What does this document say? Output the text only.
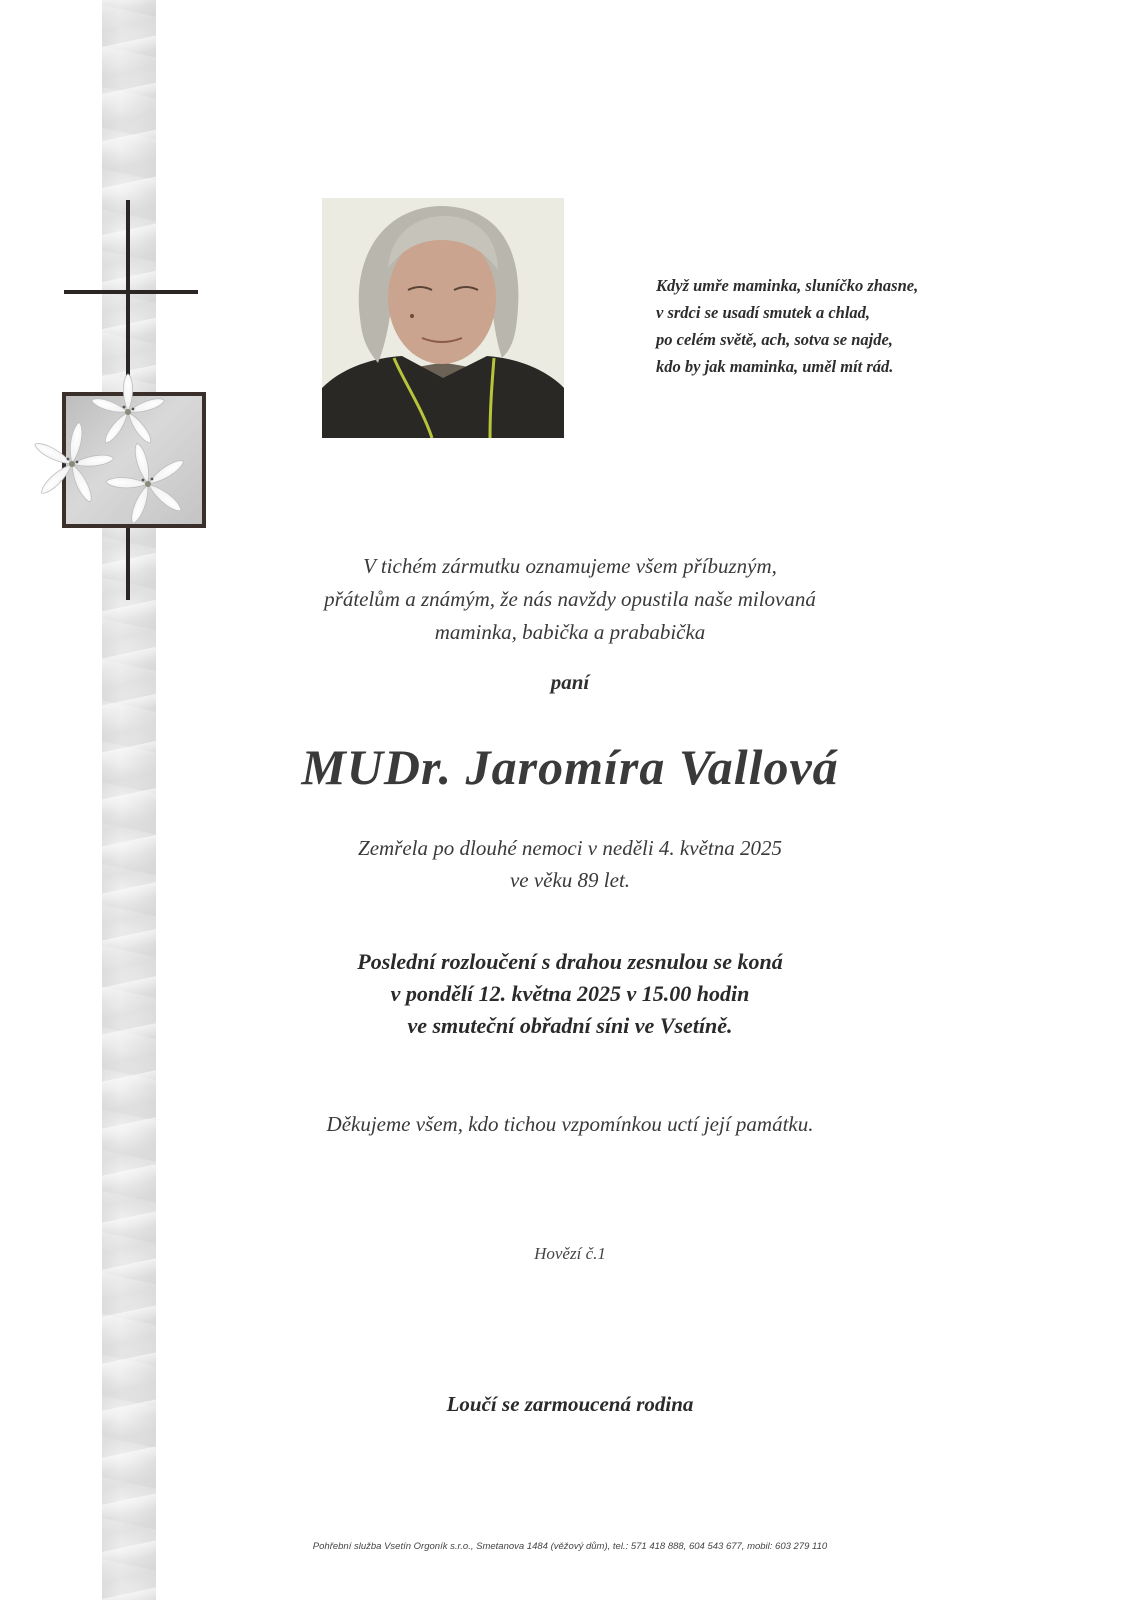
Když umře maminka, sluníčko zhasne,
v srdci se usadí smutek a chlad,
po celém světě, ach, sotva se najde,
kdo by jak maminka, uměl mít rád.
V tichém zármutku oznamujeme všem příbuzným,
přátelům a známým, že nás navždy opustila naše milovaná
maminka, babička a prababička
paní
MUDr. Jaromíra Vallová
Zemřela po dlouhé nemoci v neděli 4. května 2025
ve věku 89 let.
Poslední rozloučení s drahou zesnulou se koná
v pondělí 12. května 2025 v 15.00 hodin
ve smuteční obřadní síni ve Vsetíně.
Děkujeme všem, kdo tichou vzpomínkou uctí její památku.
Hovězí č.1
Loučí se zarmoucená rodina
Pohřební služba Vsetín Orgoník s.r.o., Smetanova 1484 (věžový dům), tel.: 571 418 888, 604 543 677, mobil: 603 279 110
